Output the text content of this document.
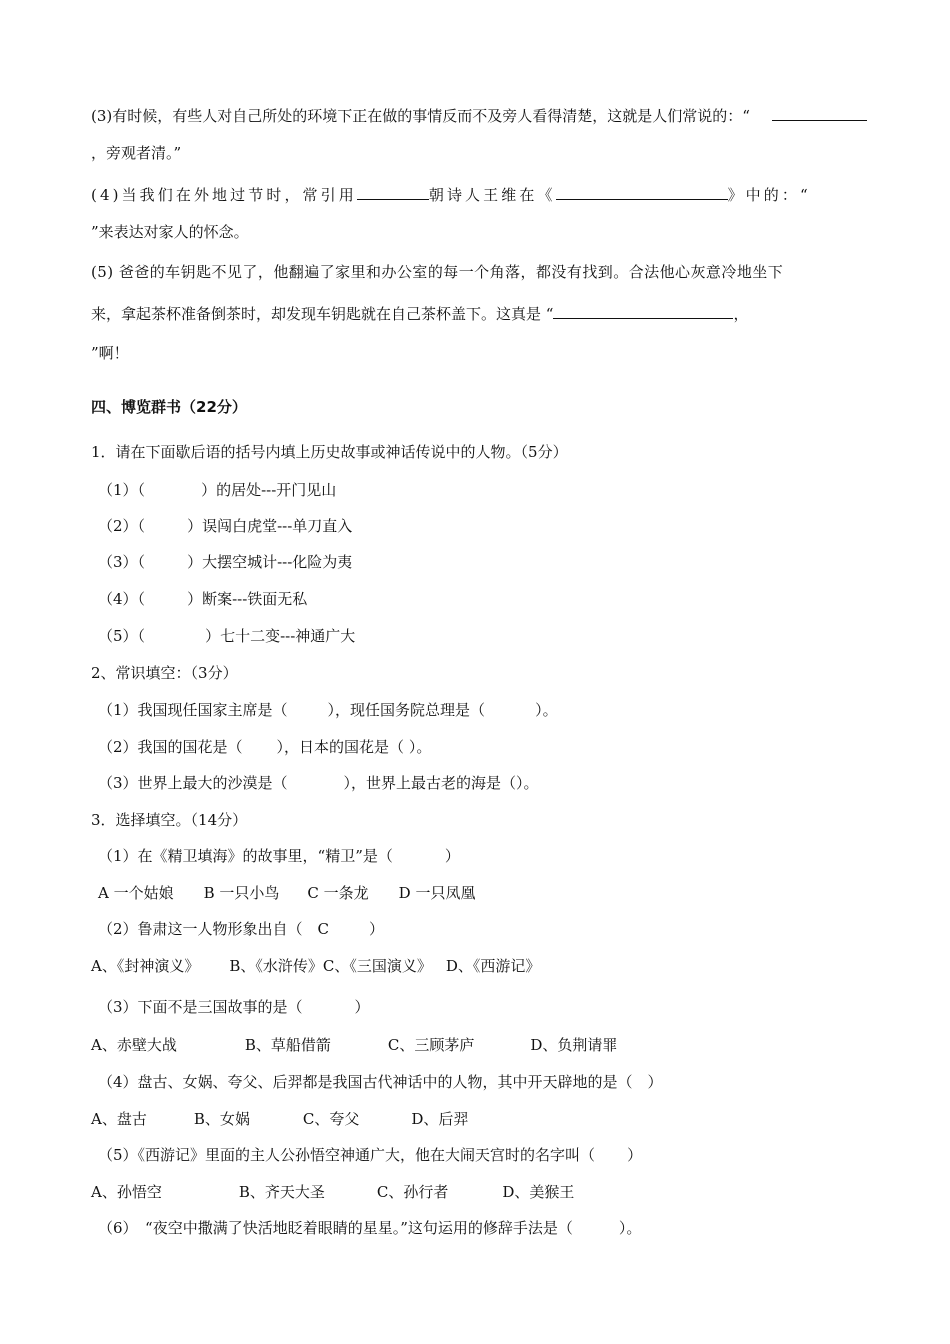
(3)有时候，有些人对自己所处的环境下正在做的事情反而不及旁人看得清楚，这就是人们常说的：“
，旁观者清。”
(4)当我们在外地过节时，常引用	朝诗人王维在《	》中的：“
”来表达对家人的怀念。
(5) 爸爸的车钥匙不见了，他翻遍了家里和办公室的每一个角落，都没有找到。合法他心灰意冷地坐下
来，拿起茶杯准备倒茶时，却发现车钥匙就在自己茶杯盖下。这真是 “	，
”啊！
四、博览群书（22分）
1．请在下面歇后语的括号内填上历史故事或神话传说中的人物。（5分）
（1）（	）的居处---开门见山
（2）（	）误闯白虎堂---单刀直入
（3）（	）大摆空城计---化险为夷
（4）（	）断案---铁面无私
（5）（	）七十二变---神通广大
2、常识填空：（3分）
（1）我国现任国家主席是（	），现任国务院总理是（	）。
（2）我国的国花是（ ），日本的国花是（ ）。
（3）世界上最大的沙漠是（	），世界上最古老的海是（）。
3．选择填空。（14分）
（1）在《精卫填海》的故事里，“精卫”是（	）
A 一个姑娘 B 一只小鸟 C 一条龙 D 一只凤凰
（2）鲁肃这一人物形象出自（　C	）
A、《封神演义》 B、《水浒传》C、《三国演义》 D、《西游记》
（3）下面不是三国故事的是（	）
A、赤壁大战	B、草船借箭	C、三顾茅庐	D、负荆请罪
（4）盘古、女娲、夸父、后羿都是我国古代神话中的人物，其中开天辟地的是（　）
A、盘古	B、女娲	C、夸父	D、后羿
（5）《西游记》里面的主人公孙悟空神通广大，他在大闹天宫时的名字叫（ ）
A、孙悟空	B、齐天大圣	C、孙行者	D、美猴王
（6）　“夜空中撒满了快活地眨着眼睛的星星。”这句运用的修辞手法是（	）。
